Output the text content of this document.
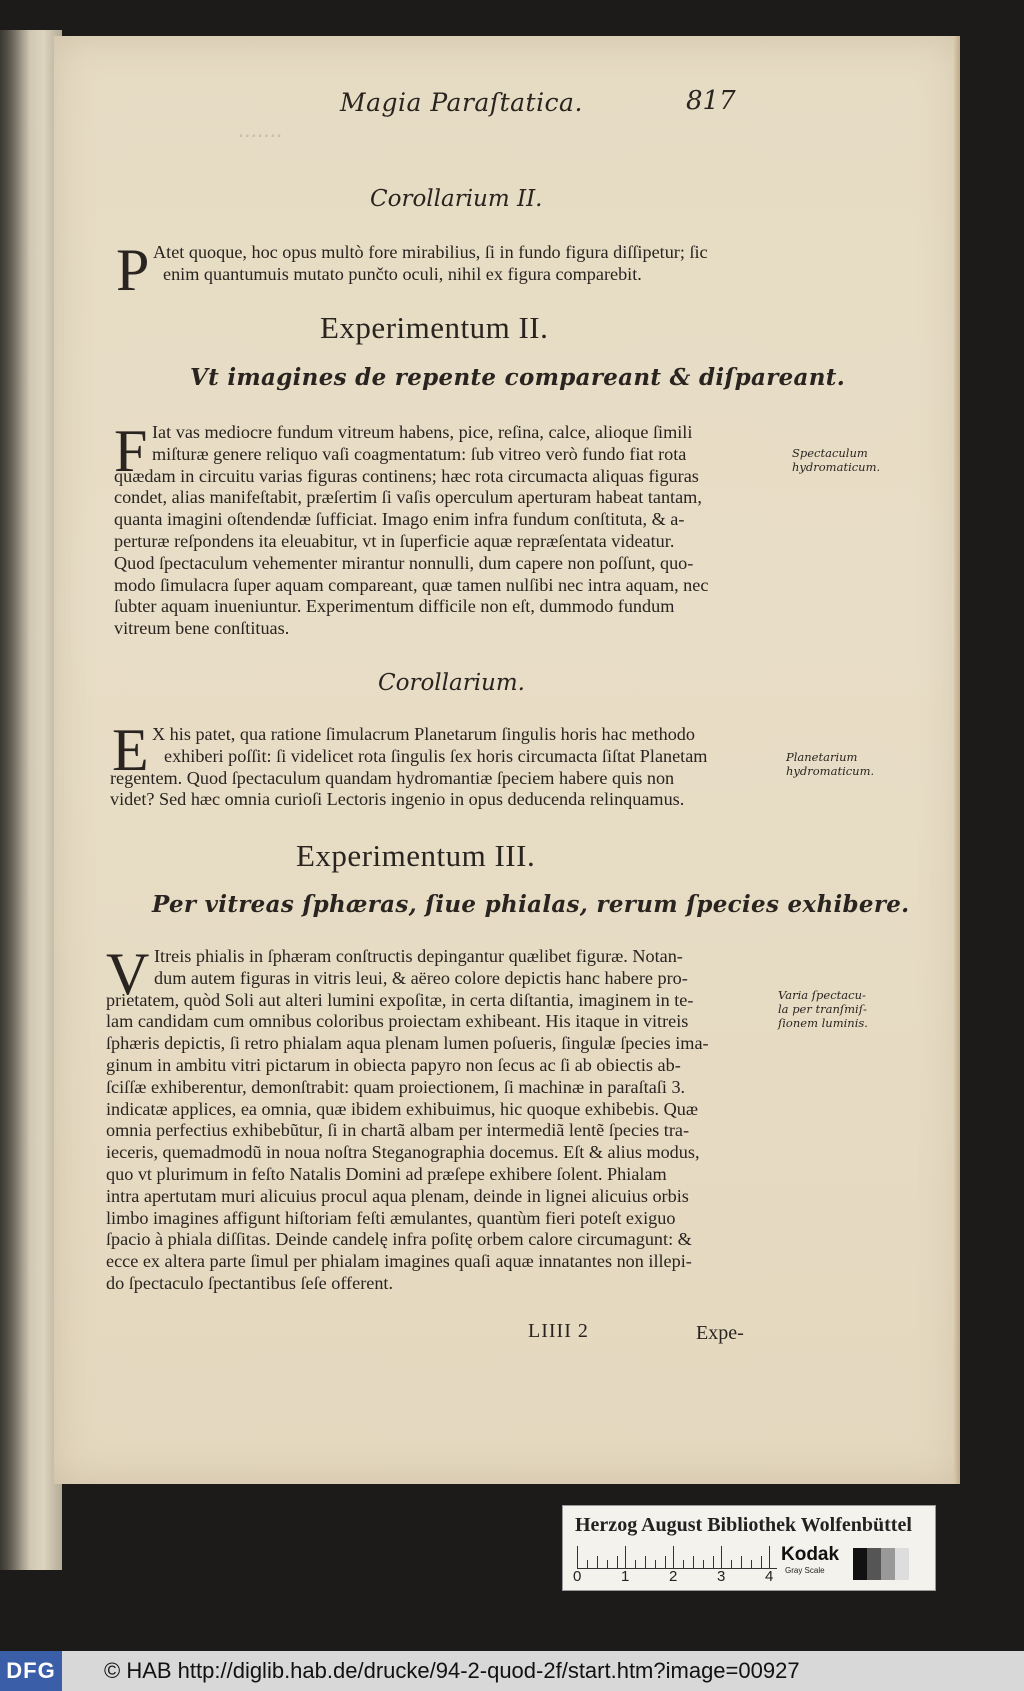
‧‧‧‧‧‧‧
Magia Paraſtatica.	817
Corollarium II.
P Atet quoque, hoc opus multò fore mirabilius, ſi in fundo figura diſſipetur; ſic
enim quantumuis mutato punčto oculi, nihil ex figura comparebit.
Experimentum II.
Vt imagines de repente compareant & diſpareant.
F Iat vas mediocre fundum vitreum habens, pice, reſina, calce, alioque ſimili
miſturæ genere reliquo vaſi coagmentatum: ſub vitreo verò fundo fiat rota
quædam in circuitu varias figuras continens; hæc rota circumacta aliquas figuras
condet, alias manifeſtabit, præſertim ſi vaſis operculum aperturam habeat tantam,
quanta imagini oſtendendæ ſufficiat. Imago enim infra fundum conſtituta, & a-
perturæ reſpondens ita eleuabitur, vt in ſuperficie aquæ repræſentata videatur.
Quod ſpectaculum vehementer mirantur nonnulli, dum capere non poſſunt, quo-
modo ſimulacra ſuper aquam compareant, quæ tamen nulſibi nec intra aquam, nec
ſubter aquam inueniuntur. Experimentum difficile non eſt, dummodo fundum
vitreum bene conſtituas.
Spectaculum
hydromaticum.
Corollarium.
E X his patet, qua ratione ſimulacrum Planetarum ſingulis horis hac methodo
exhiberi poſſit: ſi videlicet rota ſingulis ſex horis circumacta ſiſtat Planetam
regentem. Quod ſpectaculum quandam hydromantiæ ſpeciem habere quis non
videt? Sed hæc omnia curioſi Lectoris ingenio in opus deducenda relinquamus.
Planetarium
hydromaticum.
Experimentum III.
Per vitreas ſphæras, ſiue phialas, rerum ſpecies exhibere.
V Itreis phialis in ſphæram conſtructis depingantur quælibet figuræ. Notan-
dum autem figuras in vitris leui, & aëreo colore depictis hanc habere pro-
prietatem, quòd Soli aut alteri lumini expoſitæ, in certa diſtantia, imaginem in te-
lam candidam cum omnibus coloribus proiectam exhibeant. His itaque in vitreis
ſphæris depictis, ſi retro phialam aqua plenam lumen poſueris, ſingulæ ſpecies ima-
ginum in ambitu vitri pictarum in obiecta papyro non ſecus ac ſi ab obiectis ab-
ſciſſæ exhiberentur, demonſtrabit: quam proiectionem, ſi machinæ in paraſtaſi 3.
indicatæ applices, ea omnia, quæ ibidem exhibuimus, hic quoque exhibebis. Quæ
omnia perfectius exhibebũtur, ſi in chartã albam per intermediã lentẽ ſpecies tra-
ieceris, quemadmodũ in noua noſtra Steganographia docemus. Eſt & alius modus,
quo vt plurimum in feſto Natalis Domini ad præſepe exhibere ſolent. Phialam
intra apertutam muri alicuius procul aqua plenam, deinde in lignei alicuius orbis
limbo imagines affigunt hiſtoriam feſti æmulantes, quantùm fieri poteſt exiguo
ſpacio à phiala diſſitas. Deinde candelę infra poſitę orbem calore circumagunt: &
ecce ex altera parte ſimul per phialam imagines quaſi aquæ innatantes non illepi-
do ſpectaculo ſpectantibus ſeſe offerent.
Varia ſpectacu-
la per tranſmiſ-
ſionem luminis.
LIIII 2	Expe-
Herzog August Bibliothek Wolfenbüttel
0	1	2	3	4
Kodak
Gray Scale
DFG © HAB http://diglib.hab.de/drucke/94-2-quod-2f/start.htm?image=00927
